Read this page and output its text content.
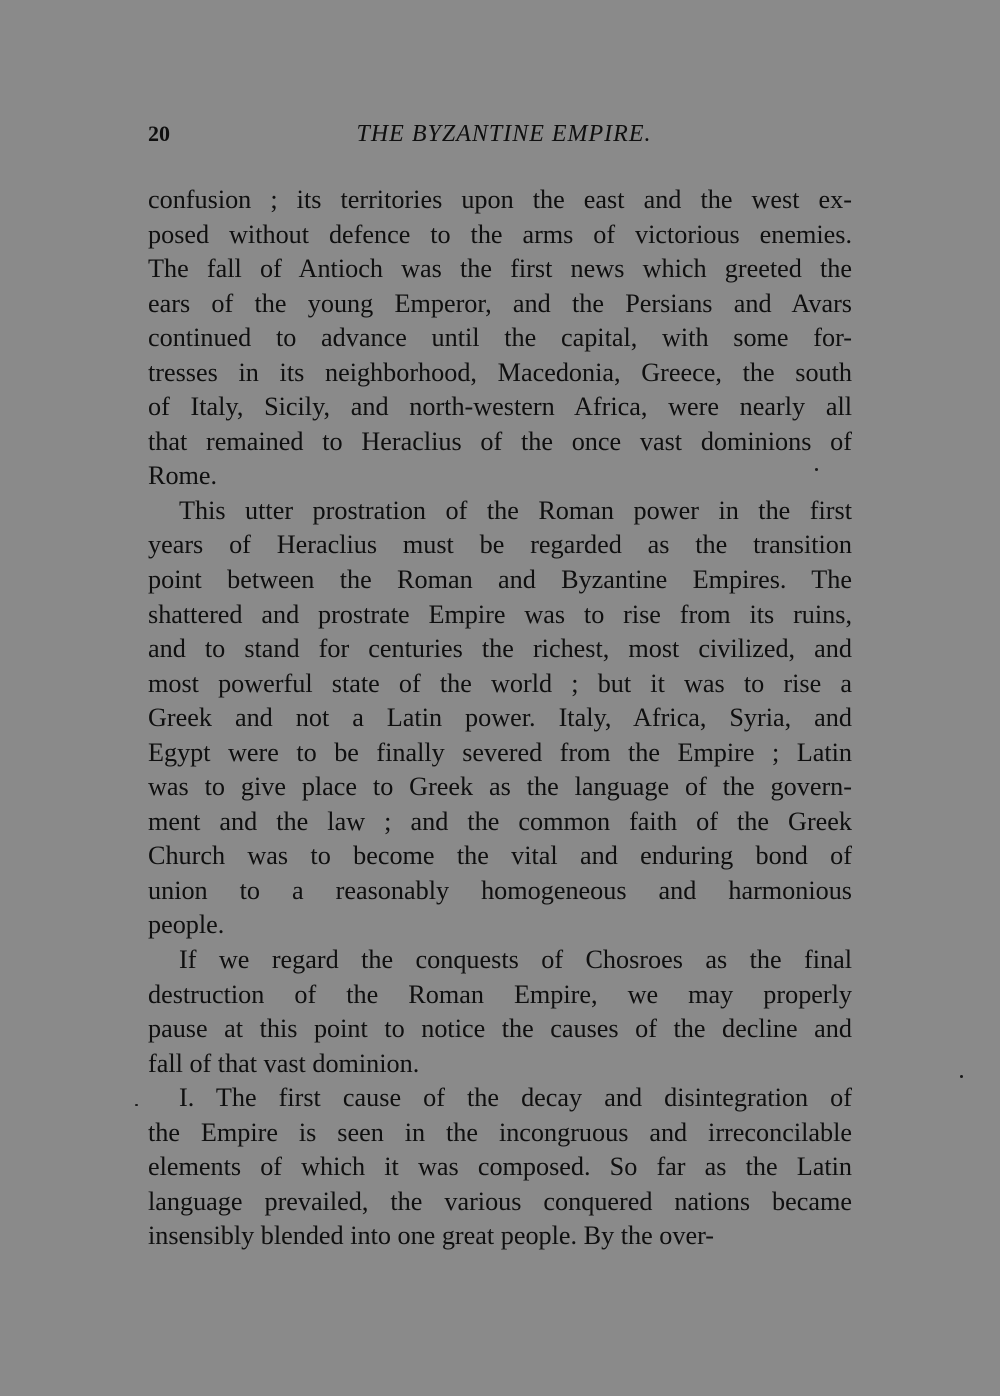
20	THE BYZANTINE EMPIRE.
confusion ; its territories upon the east and the west ex-
posed without defence to the arms of victorious enemies.
The fall of Antioch was the first news which greeted the
ears of the young Emperor, and the Persians and Avars
continued to advance until the capital, with some for-
tresses in its neighborhood, Macedonia, Greece, the south
of Italy, Sicily, and north-western Africa, were nearly all
that remained to Heraclius of the once vast dominions of
Rome.
This utter prostration of the Roman power in the first
years of Heraclius must be regarded as the transition
point between the Roman and Byzantine Empires. The
shattered and prostrate Empire was to rise from its ruins,
and to stand for centuries the richest, most civilized, and
most powerful state of the world ; but it was to rise a
Greek and not a Latin power. Italy, Africa, Syria, and
Egypt were to be finally severed from the Empire ; Latin
was to give place to Greek as the language of the govern-
ment and the law ; and the common faith of the Greek
Church was to become the vital and enduring bond of
union to a reasonably homogeneous and harmonious
people.
If we regard the conquests of Chosroes as the final
destruction of the Roman Empire, we may properly
pause at this point to notice the causes of the decline and
fall of that vast dominion.
I. The first cause of the decay and disintegration of
the Empire is seen in the incongruous and irreconcilable
elements of which it was composed. So far as the Latin
language prevailed, the various conquered nations became
insensibly blended into one great people. By the over-
